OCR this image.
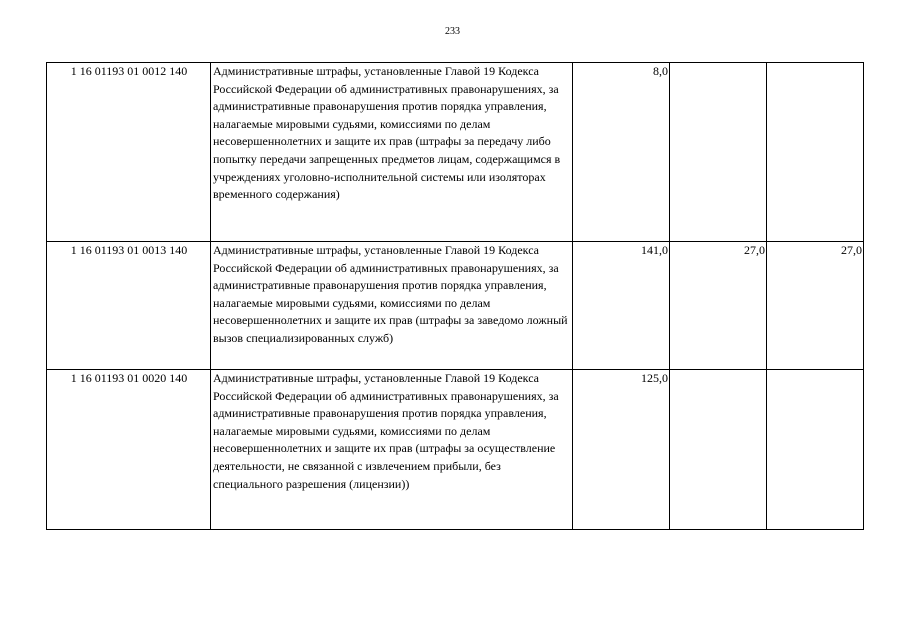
233
1 16 01193 01 0012 140	Административные штрафы, установленные Главой 19 Кодекса Российской Федерации об административных правонарушениях, за административные правонарушения против порядка управления, налагаемые мировыми судьями, комиссиями по делам несовершеннолетних и защите их прав (штрафы за передачу либо попытку передачи запрещенных предметов лицам, содержащимся в учреждениях уголовно-исполнительной системы или изоляторах временного содержания)	8,0		
1 16 01193 01 0013 140	Административные штрафы, установленные Главой 19 Кодекса Российской Федерации об административных правонарушениях, за административные правонарушения против порядка управления, налагаемые мировыми судьями, комиссиями по делам несовершеннолетних и защите их прав (штрафы за заведомо ложный вызов специализированных служб)	141,0	27,0	27,0
1 16 01193 01 0020 140	Административные штрафы, установленные Главой 19 Кодекса Российской Федерации об административных правонарушениях, за административные правонарушения против порядка управления, налагаемые мировыми судьями, комиссиями по делам несовершеннолетних и защите их прав (штрафы за осуществление деятельности, не связанной с извлечением прибыли, без специального разрешения (лицензии))	125,0		
